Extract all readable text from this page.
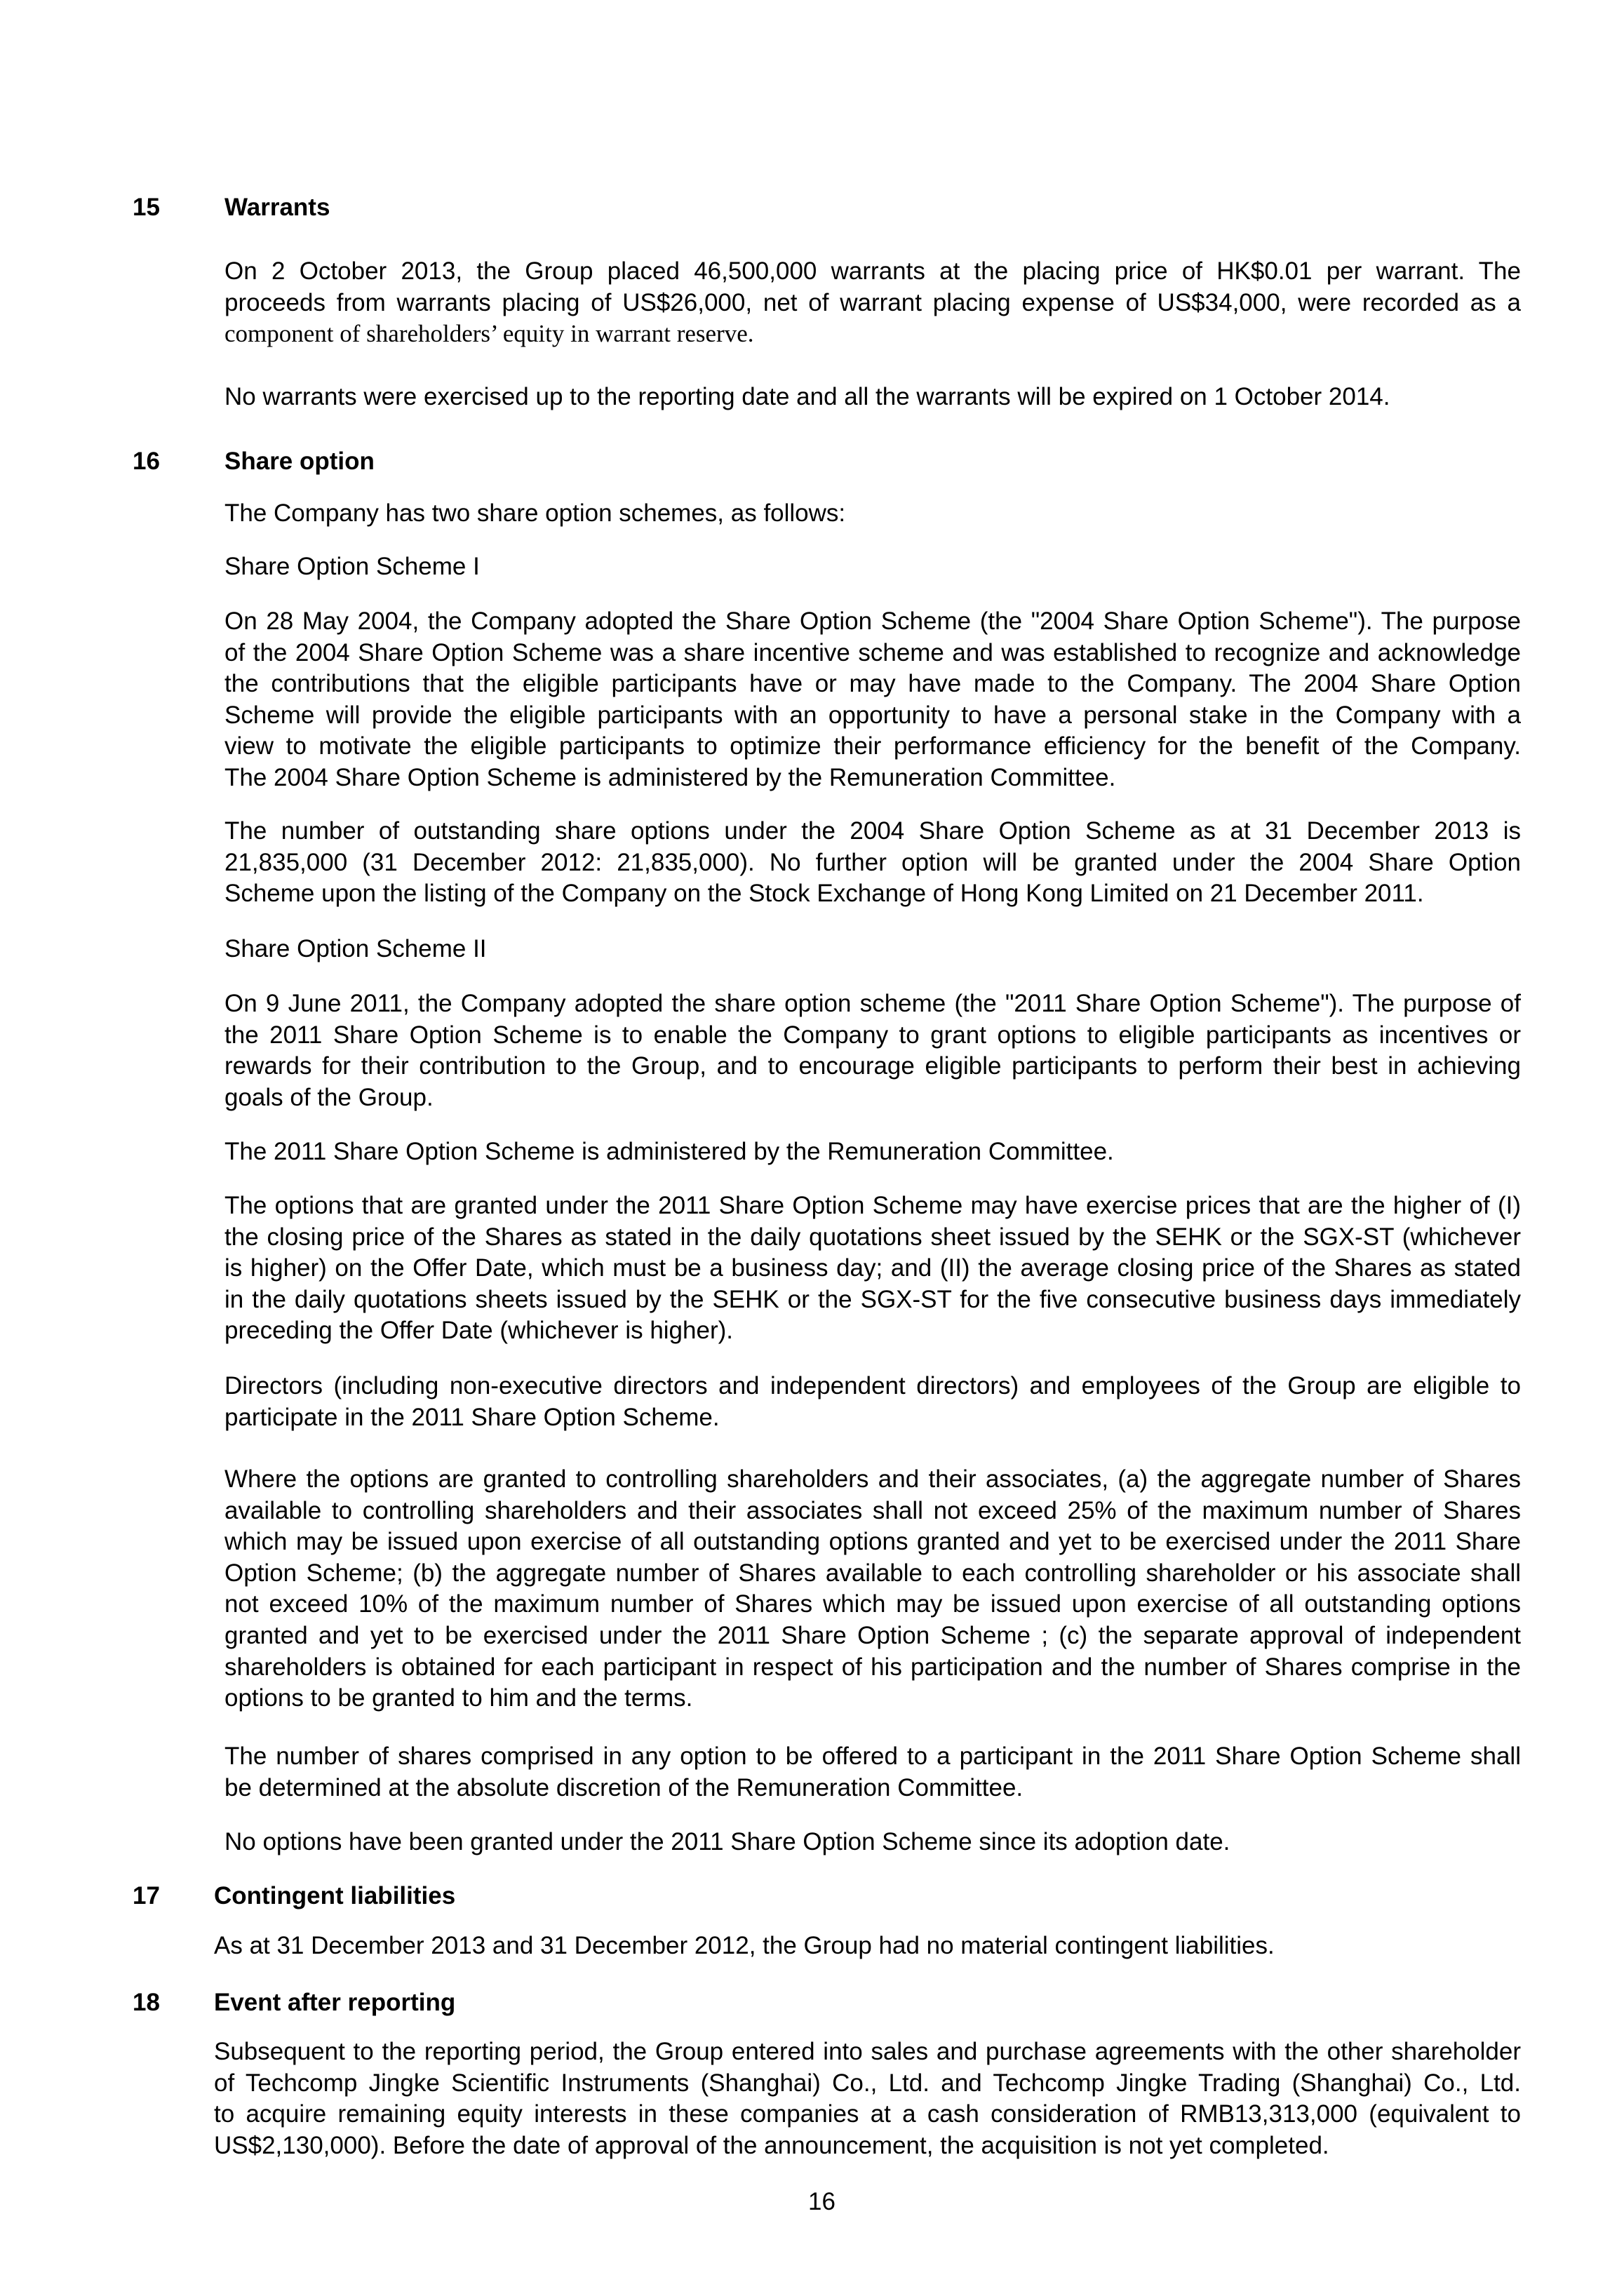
15	Warrants
On 2 October 2013, the Group placed 46,500,000 warrants at the placing price of HK$0.01 per warrant. The
proceeds from warrants placing of US$26,000, net of warrant placing expense of US$34,000, were recorded as a
component of shareholders’ equity in warrant reserve.
No warrants were exercised up to the reporting date and all the warrants will be expired on 1 October 2014.
16	Share option
The Company has two share option schemes, as follows:
Share Option Scheme I
On 28 May 2004, the Company adopted the Share Option Scheme (the "2004 Share Option Scheme"). The purpose
of the 2004 Share Option Scheme was a share incentive scheme and was established to recognize and acknowledge
the contributions that the eligible participants have or may have made to the Company. The 2004 Share Option
Scheme will provide the eligible participants with an opportunity to have a personal stake in the Company with a
view to motivate the eligible participants to optimize their performance efficiency for the benefit of the Company.
The 2004 Share Option Scheme is administered by the Remuneration Committee.
The number of outstanding share options under the 2004 Share Option Scheme as at 31 December 2013 is
21,835,000 (31 December 2012: 21,835,000). No further option will be granted under the 2004 Share Option
Scheme upon the listing of the Company on the Stock Exchange of Hong Kong Limited on 21 December 2011.
Share Option Scheme II
On 9 June 2011, the Company adopted the share option scheme (the "2011 Share Option Scheme"). The purpose of
the 2011 Share Option Scheme is to enable the Company to grant options to eligible participants as incentives or
rewards for their contribution to the Group, and to encourage eligible participants to perform their best in achieving
goals of the Group.
The 2011 Share Option Scheme is administered by the Remuneration Committee.
The options that are granted under the 2011 Share Option Scheme may have exercise prices that are the higher of (I)
the closing price of the Shares as stated in the daily quotations sheet issued by the SEHK or the SGX-ST (whichever
is higher) on the Offer Date, which must be a business day; and (II) the average closing price of the Shares as stated
in the daily quotations sheets issued by the SEHK or the SGX-ST for the five consecutive business days immediately
preceding the Offer Date (whichever is higher).
Directors (including non-executive directors and independent directors) and employees of the Group are eligible to
participate in the 2011 Share Option Scheme.
Where the options are granted to controlling shareholders and their associates, (a) the aggregate number of Shares
available to controlling shareholders and their associates shall not exceed 25% of the maximum number of Shares
which may be issued upon exercise of all outstanding options granted and yet to be exercised under the 2011 Share
Option Scheme; (b) the aggregate number of Shares available to each controlling shareholder or his associate shall
not exceed 10% of the maximum number of Shares which may be issued upon exercise of all outstanding options
granted and yet to be exercised under the 2011 Share Option Scheme ; (c) the separate approval of independent
shareholders is obtained for each participant in respect of his participation and the number of Shares comprise in the
options to be granted to him and the terms.
The number of shares comprised in any option to be offered to a participant in the 2011 Share Option Scheme shall
be determined at the absolute discretion of the Remuneration Committee.
No options have been granted under the 2011 Share Option Scheme since its adoption date.
17 Contingent liabilities
As at 31 December 2013 and 31 December 2012, the Group had no material contingent liabilities.
18 Event after reporting
Subsequent to the reporting period, the Group entered into sales and purchase agreements with the other shareholder
of Techcomp Jingke Scientific Instruments (Shanghai) Co., Ltd. and Techcomp Jingke Trading (Shanghai) Co., Ltd.
to acquire remaining equity interests in these companies at a cash consideration of RMB13,313,000 (equivalent to
US$2,130,000). Before the date of approval of the announcement, the acquisition is not yet completed.
16
